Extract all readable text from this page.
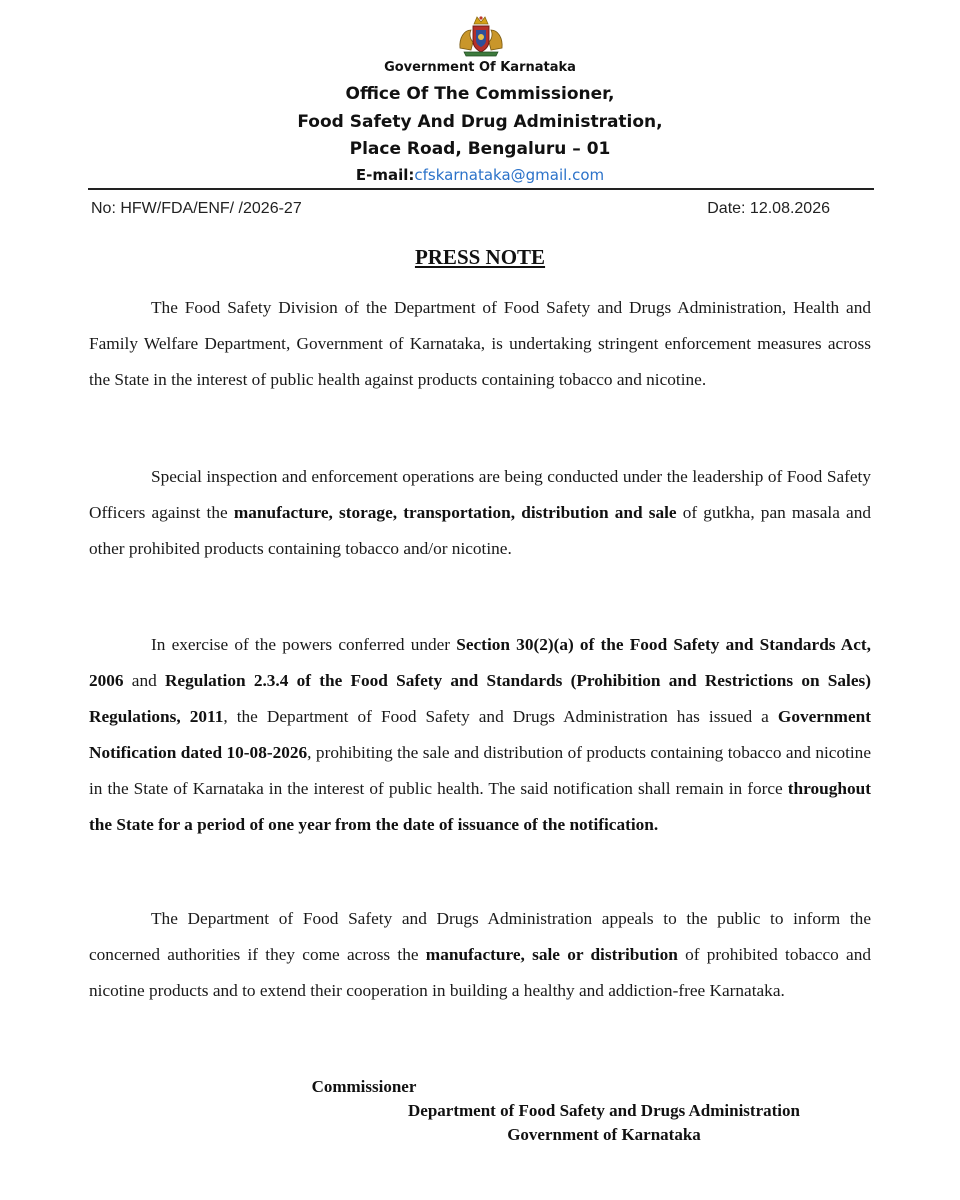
Government Of Karnataka
Office Of The Commissioner,
Food Safety And Drug Administration,
Place Road, Bengaluru – 01
E-mail:cfskarnataka@gmail.com
No: HFW/FDA/ENF/ /2026-27	Date: 12.08.2026
PRESS NOTE

The Food Safety Division of the Department of Food Safety and Drugs Administration, Health and Family Welfare Department, Government of Karnataka, is undertaking stringent enforcement measures across the State in the interest of public health against products containing tobacco and nicotine.

Special inspection and enforcement operations are being conducted under the leadership of Food Safety Officers against the manufacture, storage, transportation, distribution and sale of gutkha, pan masala and other prohibited products containing tobacco and/or nicotine.

In exercise of the powers conferred under Section 30(2)(a) of the Food Safety and Standards Act, 2006 and Regulation 2.3.4 of the Food Safety and Standards (Prohibition and Restrictions on Sales) Regulations, 2011, the Department of Food Safety and Drugs Administration has issued a Government Notification dated 10-08-2026, prohibiting the sale and distribution of products containing tobacco and nicotine in the State of Karnataka in the interest of public health. The said notification shall remain in force throughout the State for a period of one year from the date of issuance of the notification.

The Department of Food Safety and Drugs Administration appeals to the public to inform the concerned authorities if they come across the manufacture, sale or distribution of prohibited tobacco and nicotine products and to extend their cooperation in building a healthy and addiction-free Karnataka.

Commissioner
Department of Food Safety and Drugs Administration
Government of Karnataka
